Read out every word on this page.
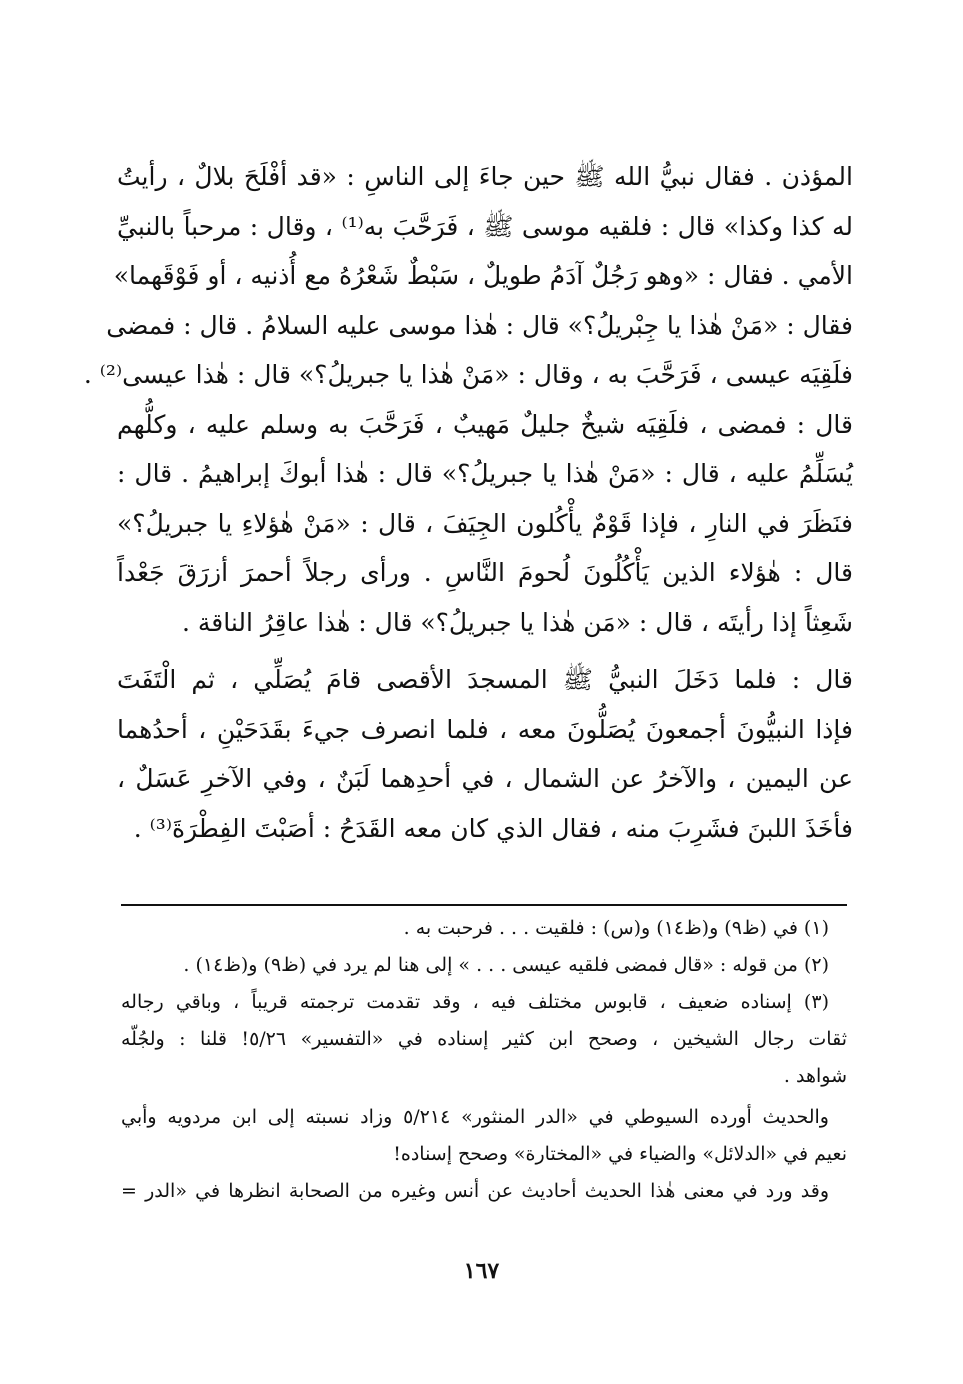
المؤذن . فقال نبيُّ الله ﷺ حين جاءَ إلى الناسِ : «قد أفْلَحَ بلالٌ ، رأيتُ
له كذا وكذا» قال : فلقيه موسى ﷺ ، فَرَحَّبَ به⁽¹⁾ ، وقال : مرحباً بالنبيِّ
الأمي . فقال : «وهو رَجُلٌ آدَمُ طويلٌ ، سَبْطٌ شَعْرُهُ مع أُذنيه ، أو فَوْقَهما»
فقال : «مَنْ هٰذا يا جِبْريلُ؟» قال : هٰذا موسى عليه السلامُ . قال : فمضى
فلَقِيَه عيسى ، فَرَحَّبَ به ، وقال : «مَنْ هٰذا يا جبريلُ؟» قال : هٰذا عيسى⁽²⁾ .
قال : فمضى ، فلَقِيَه شيخٌ جليلٌ مَهيبٌ ، فَرَحَّبَ به وسلم عليه ، وكلُّهم
يُسَلِّمُ عليه ، قال : «مَنْ هٰذا يا جبريلُ؟» قال : هٰذا أبوكَ إبراهيمُ . قال :
فنَظَرَ في النارِ ، فإذا قَوْمٌ يأْكُلون الجِيَفَ ، قال : «مَنْ هٰؤلاءِ يا جبريلُ؟»
قال : هٰؤلاء الذين يَأْكُلُونَ لُحومَ النَّاسِ . ورأى رجلاً أحمرَ أزرَقَ جَعْداً
شَعِثاً إذا رأيتَه ، قال : «مَن هٰذا يا جبريلُ؟» قال : هٰذا عاقِرُ الناقة .
قال : فلما دَخَلَ النبيُّ ﷺ المسجدَ الأقصى قامَ يُصَلِّي ، ثم الْتَفَتَ
فإذا النبيُّونَ أجمعونَ يُصَلُّونَ معه ، فلما انصرف جيءَ بقَدَحَيْنِ ، أحدُهما
عن اليمين ، والآخرُ عن الشمال ، في أحدِهما لَبَنٌ ، وفي الآخرِ عَسَلٌ ،
فأخَذَ اللبنَ فشَرِبَ منه ، فقال الذي كان معه القَدَحُ : أصَبْتَ الفِطْرَةَ⁽³⁾ .
(١) في (ظ٩) و(ظ١٤) و(س) : فلقيت . . . فرحبت به .
(٢) من قوله : «قال فمضى فلقيه عيسى . . . » إلى هنا لم يرد في (ظ٩) و(ظ١٤) .
(٣) إسناده ضعيف ، قابوس مختلف فيه ، وقد تقدمت ترجمته قريباً ، وباقي رجاله
ثقات رجال الشيخين ، وصحح ابن كثير إسناده في «التفسير» ٥/٢٦! قلنا : ولجُلّه
شواهد .
والحديث أورده السيوطي في «الدر المنثور» ٥/٢١٤ وزاد نسبته إلى ابن مردويه وأبي
نعيم في «الدلائل» والضياء في «المختارة» وصحح إسناده!
وقد ورد في معنى هٰذا الحديث أحاديث عن أنس وغيره من الصحابة انظرها في «الدر =
١٦٧
